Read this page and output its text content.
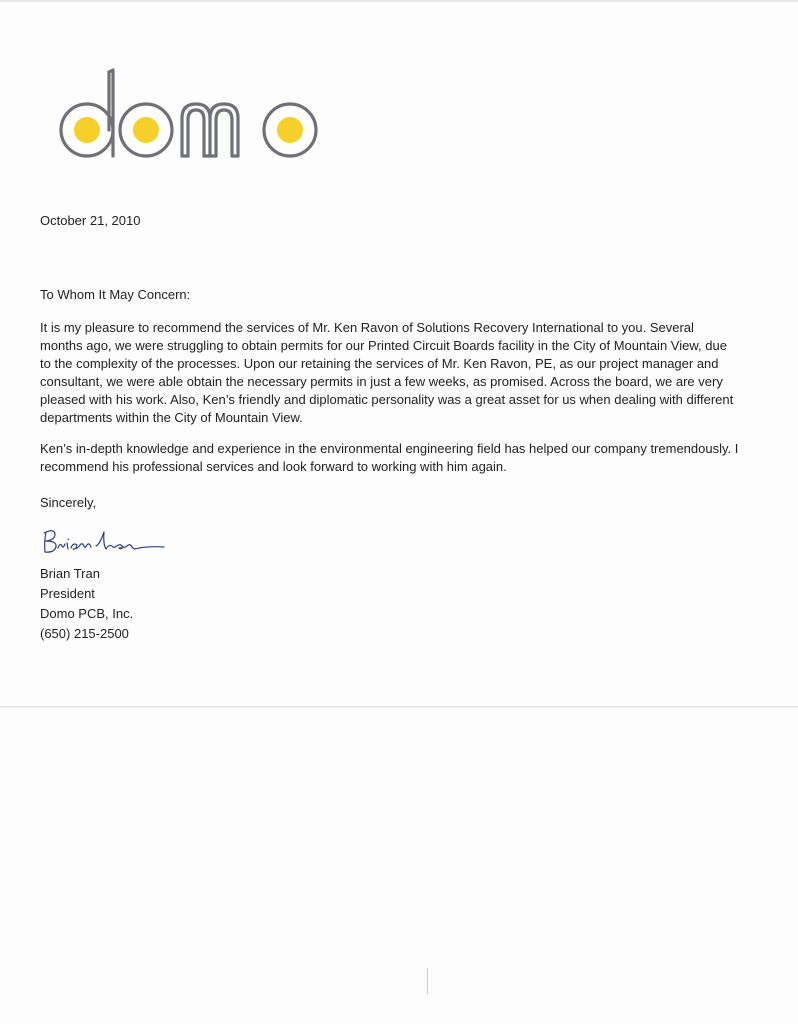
October 21, 2010
To Whom It May Concern:
It is my pleasure to recommend the services of Mr. Ken Ravon of Solutions Recovery International to you. Several months ago, we were struggling to obtain permits for our Printed Circuit Boards facility in the City of Mountain View, due to the complexity of the processes. Upon our retaining the services of Mr. Ken Ravon, PE, as our project manager and consultant, we were able obtain the necessary permits in just a few weeks, as promised. Across the board, we are very pleased with his work. Also, Ken’s friendly and diplomatic personality was a great asset for us when dealing with different departments within the City of Mountain View.
Ken’s in-depth knowledge and experience in the environmental engineering field has helped our company tremendously. I recommend his professional services and look forward to working with him again.
Sincerely,
Brian Tran
President
Domo PCB, Inc.
(650) 215-2500
